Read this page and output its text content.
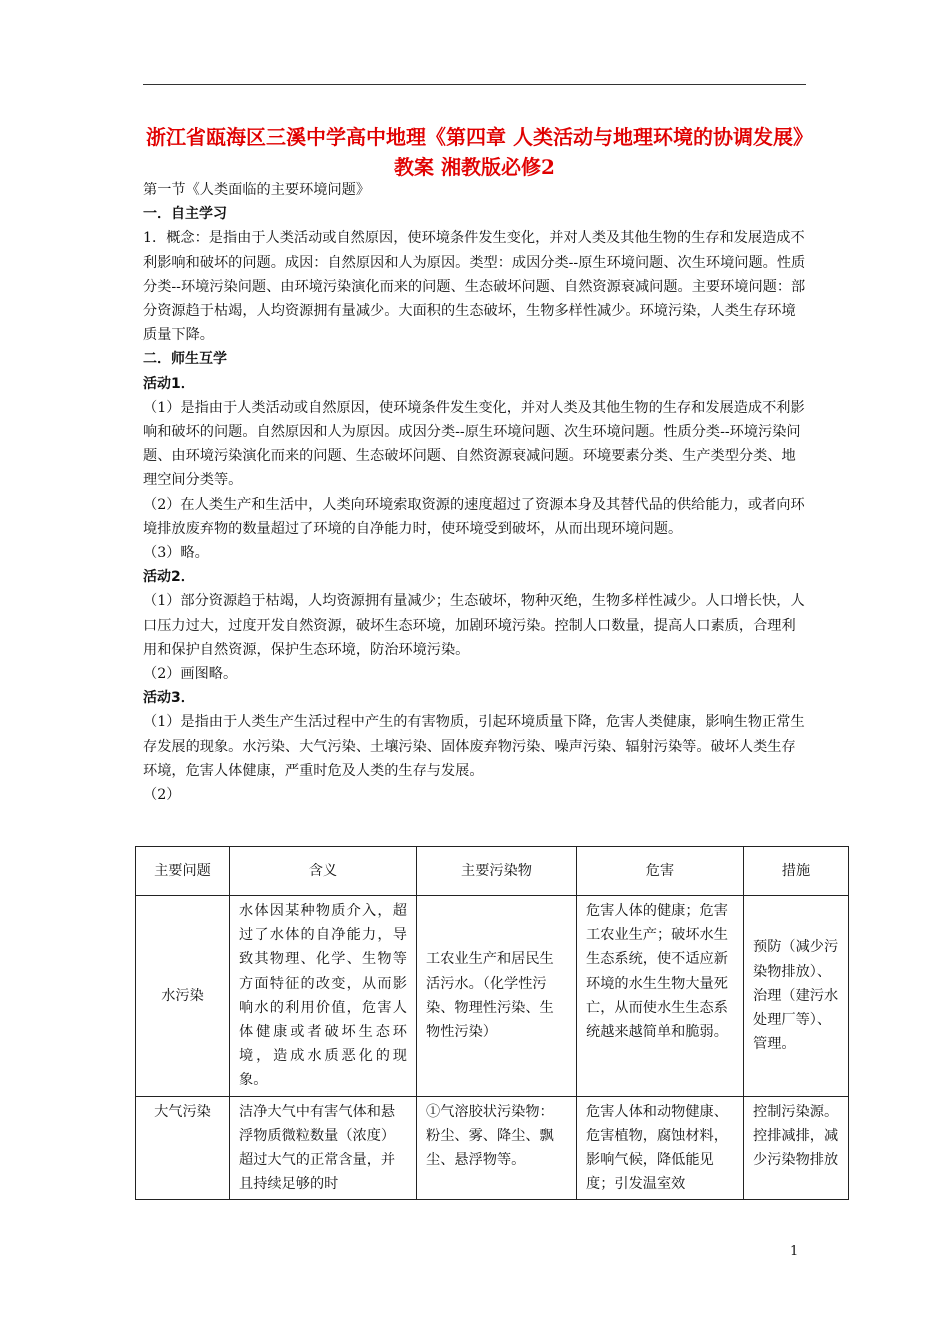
浙江省瓯海区三溪中学高中地理《第四章 人类活动与地理环境的协调发展》教案 湘教版必修2

第一节《人类面临的主要环境问题》

一．自主学习

1．概念：是指由于人类活动或自然原因，使环境条件发生变化，并对人类及其他生物的生存和发展造成不利影响和破坏的问题。成因：自然原因和人为原因。类型：成因分类--原生环境问题、次生环境问题。性质分类--环境污染问题、由环境污染演化而来的问题、生态破坏问题、自然资源衰减问题。主要环境问题：部分资源趋于枯竭，人均资源拥有量减少。大面积的生态破坏，生物多样性减少。环境污染，人类生存环境质量下降。

二．师生互学

活动1．

（1）是指由于人类活动或自然原因，使环境条件发生变化，并对人类及其他生物的生存和发展造成不利影响和破坏的问题。自然原因和人为原因。成因分类--原生环境问题、次生环境问题。性质分类--环境污染问题、由环境污染演化而来的问题、生态破坏问题、自然资源衰减问题。环境要素分类、生产类型分类、地理空间分类等。

（2）在人类生产和生活中，人类向环境索取资源的速度超过了资源本身及其替代品的供给能力，或者向环境排放废弃物的数量超过了环境的自净能力时，使环境受到破坏，从而出现环境问题。

（3）略。

活动2．

（1）部分资源趋于枯竭，人均资源拥有量减少；生态破坏，物种灭绝，生物多样性减少。人口增长快，人口压力过大，过度开发自然资源，破坏生态环境，加剧环境污染。控制人口数量，提高人口素质，合理利用和保护自然资源，保护生态环境，防治环境污染。

（2）画图略。

活动3．

（1）是指由于人类生产生活过程中产生的有害物质，引起环境质量下降，危害人类健康，影响生物正常生存发展的现象。水污染、大气污染、土壤污染、固体废弃物污染、噪声污染、辐射污染等。破坏人类生存环境，危害人体健康，严重时危及人类的生存与发展。

（2）

主要问题	含义	主要污染物	危害	措施
水污染	水体因某种物质介入，超过了水体的自净能力，导致其物理、化学、生物等方面特征的改变，从而影响水的利用价值，危害人体健康或者破坏生态环境，造成水质恶化的现象。	工农业生产和居民生活污水。（化学性污染、物理性污染、生物性污染）	危害人体的健康；危害工农业生产；破坏水生生态系统，使不适应新环境的水生生物大量死亡，从而使水生生态系统越来越简单和脆弱。	预防（减少污染物排放）、治理（建污水处理厂等）、管理。
大气污染	洁净大气中有害气体和悬浮物质微粒数量（浓度）超过大气的正常含量，并且持续足够的时	①气溶胶状污染物：粉尘、雾、降尘、飘尘、悬浮物等。	危害人体和动物健康、危害植物，腐蚀材料，影响气候，降低能见度；引发温室效	控制污染源。控排减排，减少污染物排放
1
